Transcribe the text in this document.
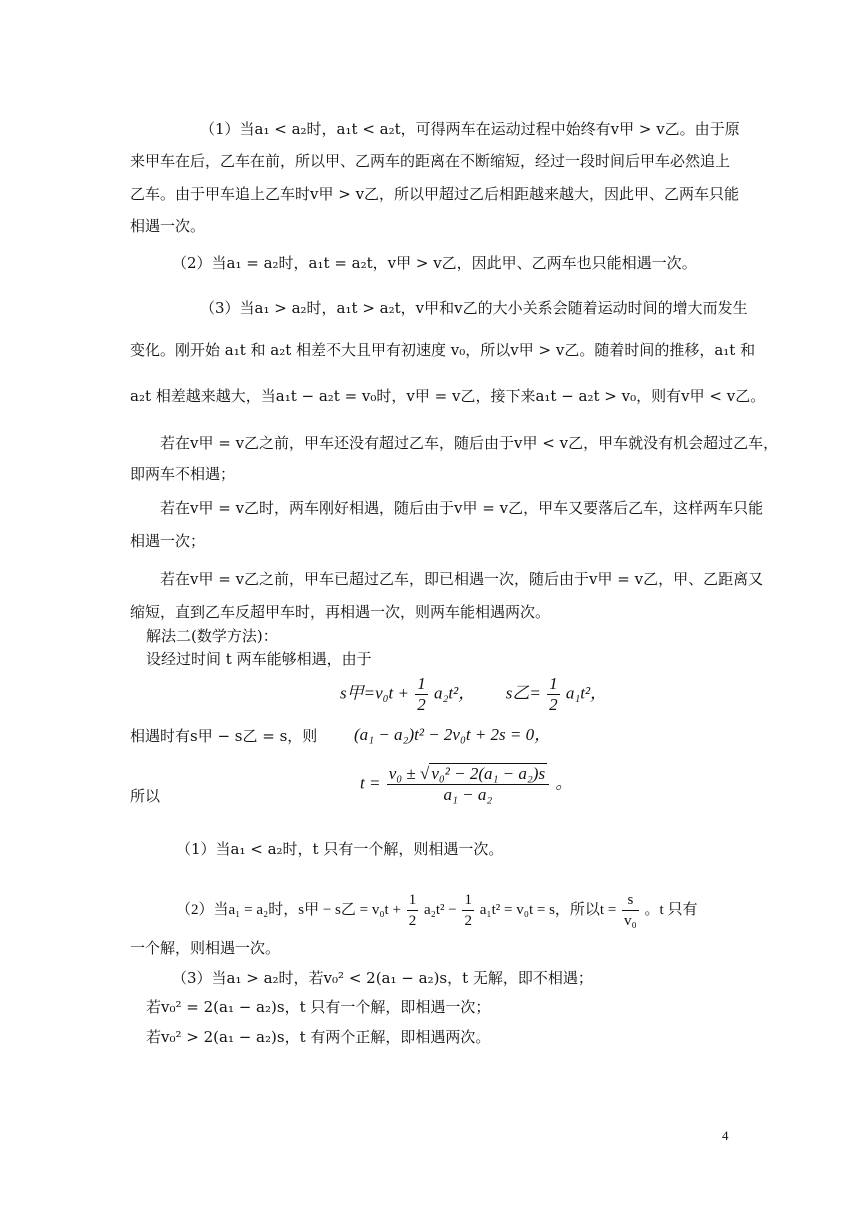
（1）当a₁ < a₂时，a₁t < a₂t，可得两车在运动过程中始终有v甲 > v乙。由于原
来甲车在后，乙车在前，所以甲、乙两车的距离在不断缩短，经过一段时间后甲车必然追上
乙车。由于甲车追上乙车时v甲 > v乙，所以甲超过乙后相距越来越大，因此甲、乙两车只能
相遇一次。
（2）当a₁ = a₂时，a₁t = a₂t，v甲 > v乙，因此甲、乙两车也只能相遇一次。
（3）当a₁ > a₂时，a₁t > a₂t，v甲和v乙的大小关系会随着运动时间的增大而发生
变化。刚开始 a₁t 和 a₂t 相差不大且甲有初速度 v₀，所以v甲 > v乙。随着时间的推移，a₁t 和
a₂t 相差越来越大，当a₁t − a₂t = v₀时，v甲 = v乙，接下来a₁t − a₂t > v₀，则有v甲 < v乙。
若在v甲 = v乙之前，甲车还没有超过乙车，随后由于v甲 < v乙，甲车就没有机会超过乙车，
即两车不相遇；
若在v甲 = v乙时，两车刚好相遇，随后由于v甲 = v乙，甲车又要落后乙车，这样两车只能
相遇一次；
若在v甲 = v乙之前，甲车已超过乙车，即已相遇一次，随后由于v甲 = v乙，甲、乙距离又
缩短，直到乙车反超甲车时，再相遇一次，则两车能相遇两次。
解法二(数学方法)：
设经过时间 t 两车能够相遇，由于
s甲$=v_0t + \frac{1}{2} a_2t^2$， s乙= $\frac{1}{2} a_1t^2$，
相遇时有s甲 − s乙 = s，则	(a₁ − a₂)t² − 2v₀t + 2s = 0，
所以
$t = \frac{\text{v₀ ± √ v₀² − 2(a₁ − a₂)s}}{\text{a₁ − a₂}}$ 。
（1）当a₁ < a₂时，t 只有一个解，则相遇一次。
（2）当a₁ = a₂时，s甲 − s乙 = $v_0t + \frac{1}{2} a_2t^2 - \frac{1}{2} a_1t^2 = v_0t = s$，所以$t = \frac{s}{\text{v₀}}$ 。t 只有
一个解，则相遇一次。
（3）当a₁ > a₂时，若v₀² < 2(a₁ − a₂)s，t 无解，即不相遇；
若v₀² = 2(a₁ − a₂)s，t 只有一个解，即相遇一次；
若v₀² > 2(a₁ − a₂)s，t 有两个正解，即相遇两次。
4
